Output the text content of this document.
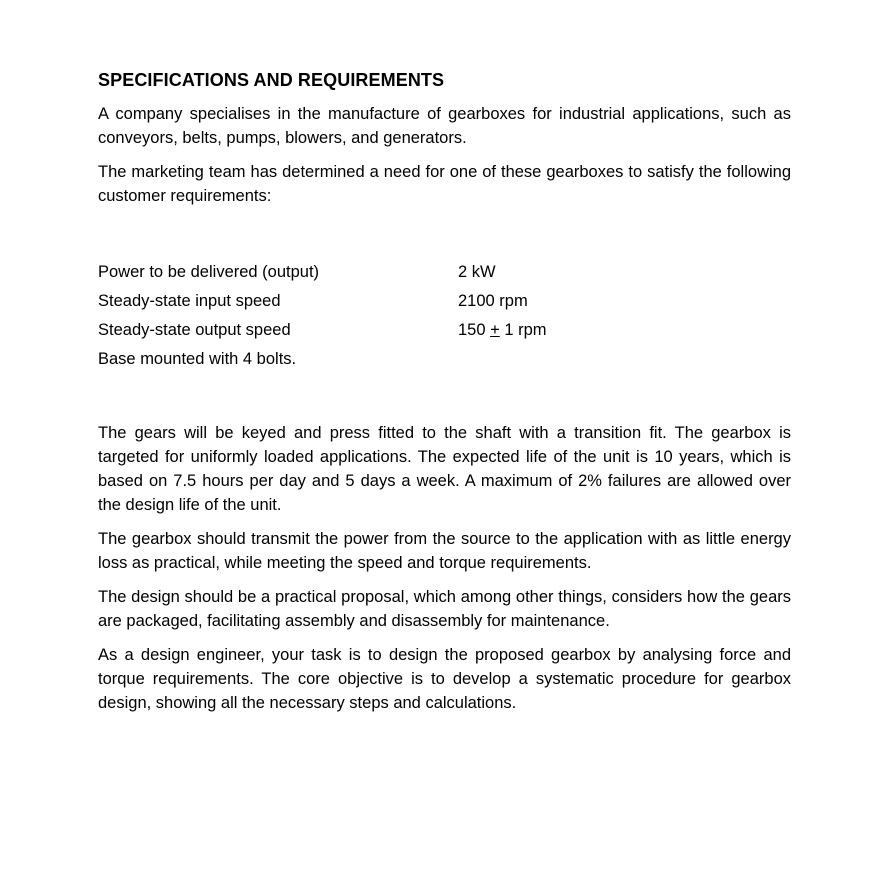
SPECIFICATIONS AND REQUIREMENTS

A company specialises in the manufacture of gearboxes for industrial applications, such as conveyors, belts, pumps, blowers, and generators.

The marketing team has determined a need for one of these gearboxes to satisfy the following customer requirements:

Power to be delivered (output)	2 kW
Steady-state input speed	2100 rpm
Steady-state output speed	150 + 1 rpm
Base mounted with 4 bolts.

The gears will be keyed and press fitted to the shaft with a transition fit. The gearbox is targeted for uniformly loaded applications. The expected life of the unit is 10 years, which is based on 7.5 hours per day and 5 days a week. A maximum of 2% failures are allowed over the design life of the unit.

The gearbox should transmit the power from the source to the application with as little energy loss as practical, while meeting the speed and torque requirements.

The design should be a practical proposal, which among other things, considers how the gears are packaged, facilitating assembly and disassembly for maintenance.

As a design engineer, your task is to design the proposed gearbox by analysing force and torque requirements. The core objective is to develop a systematic procedure for gearbox design, showing all the necessary steps and calculations.
